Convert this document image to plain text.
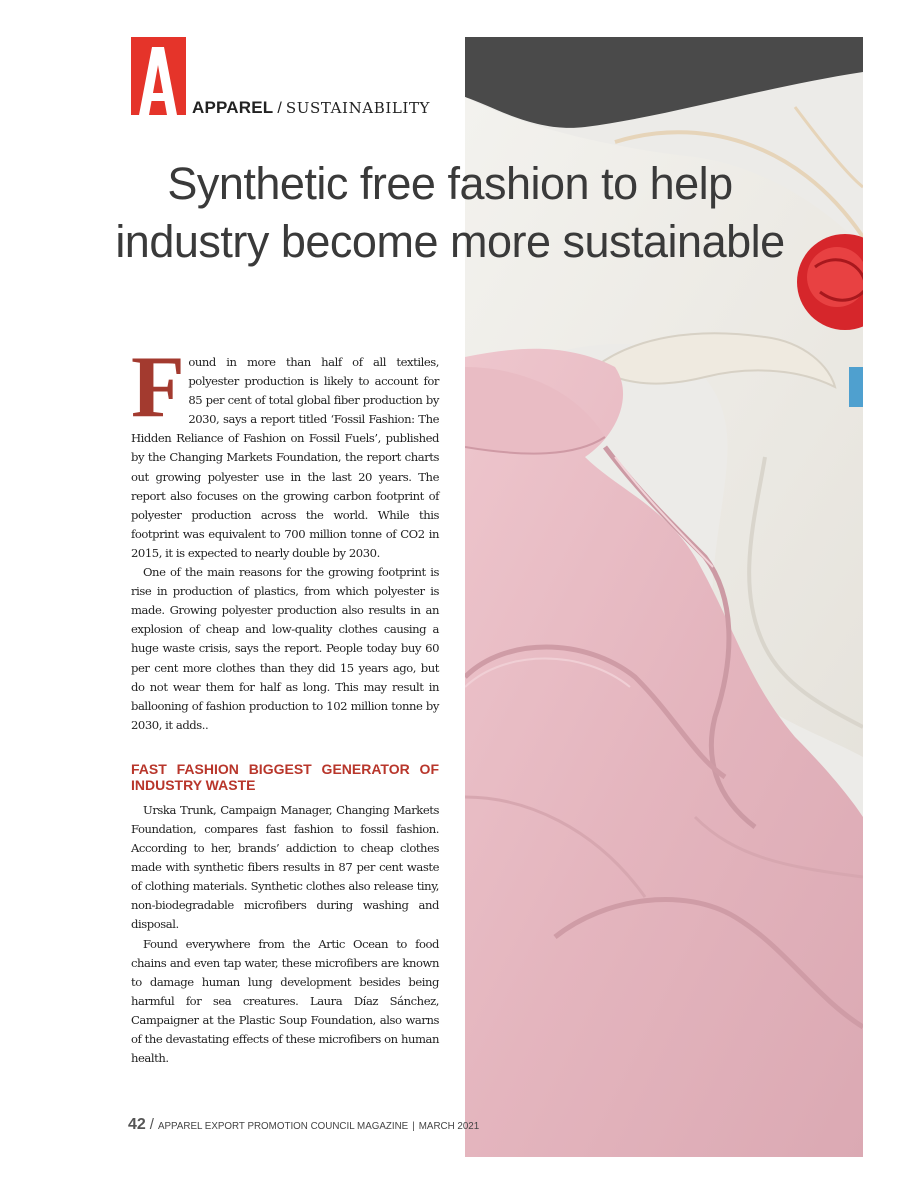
APPAREL / SUSTAINABILITY
Synthetic free fashion to help industry become more sustainable

Found in more than half of all textiles, polyester production is likely to account for 85 per cent of total global fiber production by 2030, says a report titled ‘Fossil Fashion: The Hidden Reliance of Fashion on Fossil Fuels’, published by the Changing Markets Foundation, the report charts out growing polyester use in the last 20 years. The report also focuses on the growing carbon footprint of polyester production across the world. While this footprint was equivalent to 700 million tonne of CO2 in 2015, it is expected to nearly double by 2030.

One of the main reasons for the growing footprint is rise in production of plastics, from which polyester is made. Growing polyester production also results in an explosion of cheap and low-quality clothes causing a huge waste crisis, says the report. People today buy 60 per cent more clothes than they did 15 years ago, but do not wear them for half as long. This may result in ballooning of fashion production to 102 million tonne by 2030, it adds..

FAST FASHION BIGGEST GENERATOR OF INDUSTRY WASTE

Urska Trunk, Campaign Manager, Changing Markets Foundation, compares fast fashion to fossil fashion. According to her, brands’ addiction to cheap clothes made with synthetic fibers results in 87 per cent waste of clothing materials. Synthetic clothes also release tiny, non-biodegradable microfibers during washing and disposal.

Found everywhere from the Artic Ocean to food chains and even tap water, these microfibers are known to damage human lung development besides being harmful for sea creatures. Laura Díaz Sánchez, Campaigner at the Plastic Soup Foundation, also warns of the devastating effects of these microfibers on human health.

42 / APPAREL EXPORT PROMOTION COUNCIL MAGAZINE | MARCH 2021
